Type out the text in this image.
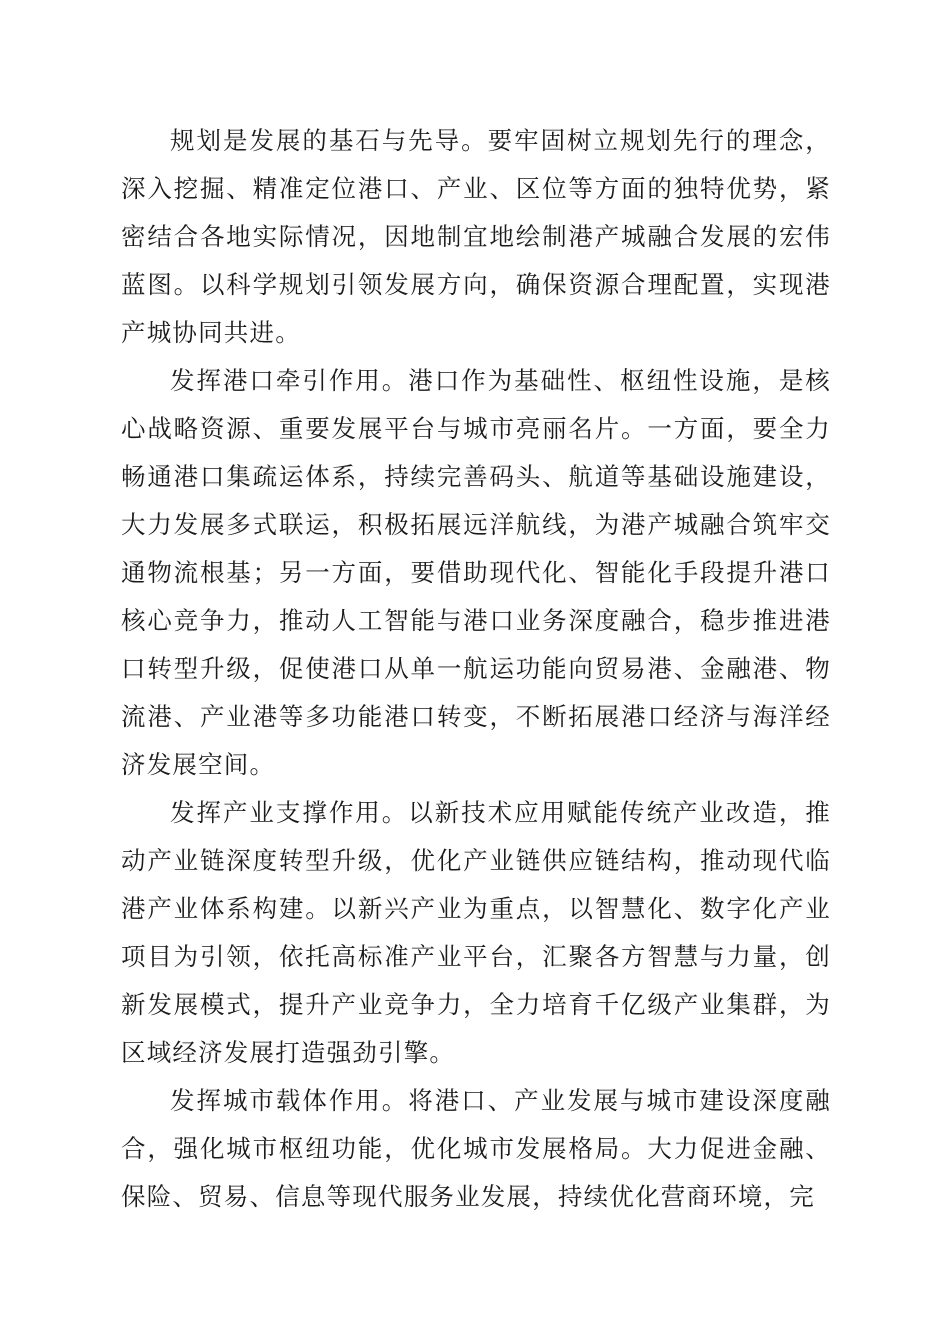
规划是发展的基石与先导。要牢固树立规划先行的理念，深入挖掘、精准定位港口、产业、区位等方面的独特优势，紧密结合各地实际情况，因地制宜地绘制港产城融合发展的宏伟蓝图。以科学规划引领发展方向，确保资源合理配置，实现港产城协同共进。

发挥港口牵引作用。港口作为基础性、枢纽性设施，是核心战略资源、重要发展平台与城市亮丽名片。一方面，要全力畅通港口集疏运体系，持续完善码头、航道等基础设施建设，大力发展多式联运，积极拓展远洋航线，为港产城融合筑牢交通物流根基；另一方面，要借助现代化、智能化手段提升港口核心竞争力，推动人工智能与港口业务深度融合，稳步推进港口转型升级，促使港口从单一航运功能向贸易港、金融港、物流港、产业港等多功能港口转变，不断拓展港口经济与海洋经济发展空间。

发挥产业支撑作用。以新技术应用赋能传统产业改造，推动产业链深度转型升级，优化产业链供应链结构，推动现代临港产业体系构建。以新兴产业为重点，以智慧化、数字化产业项目为引领，依托高标准产业平台，汇聚各方智慧与力量，创新发展模式，提升产业竞争力，全力培育千亿级产业集群，为区域经济发展打造强劲引擎。

发挥城市载体作用。将港口、产业发展与城市建设深度融合，强化城市枢纽功能，优化城市发展格局。大力促进金融、保险、贸易、信息等现代服务业发展，持续优化营商环境，完
